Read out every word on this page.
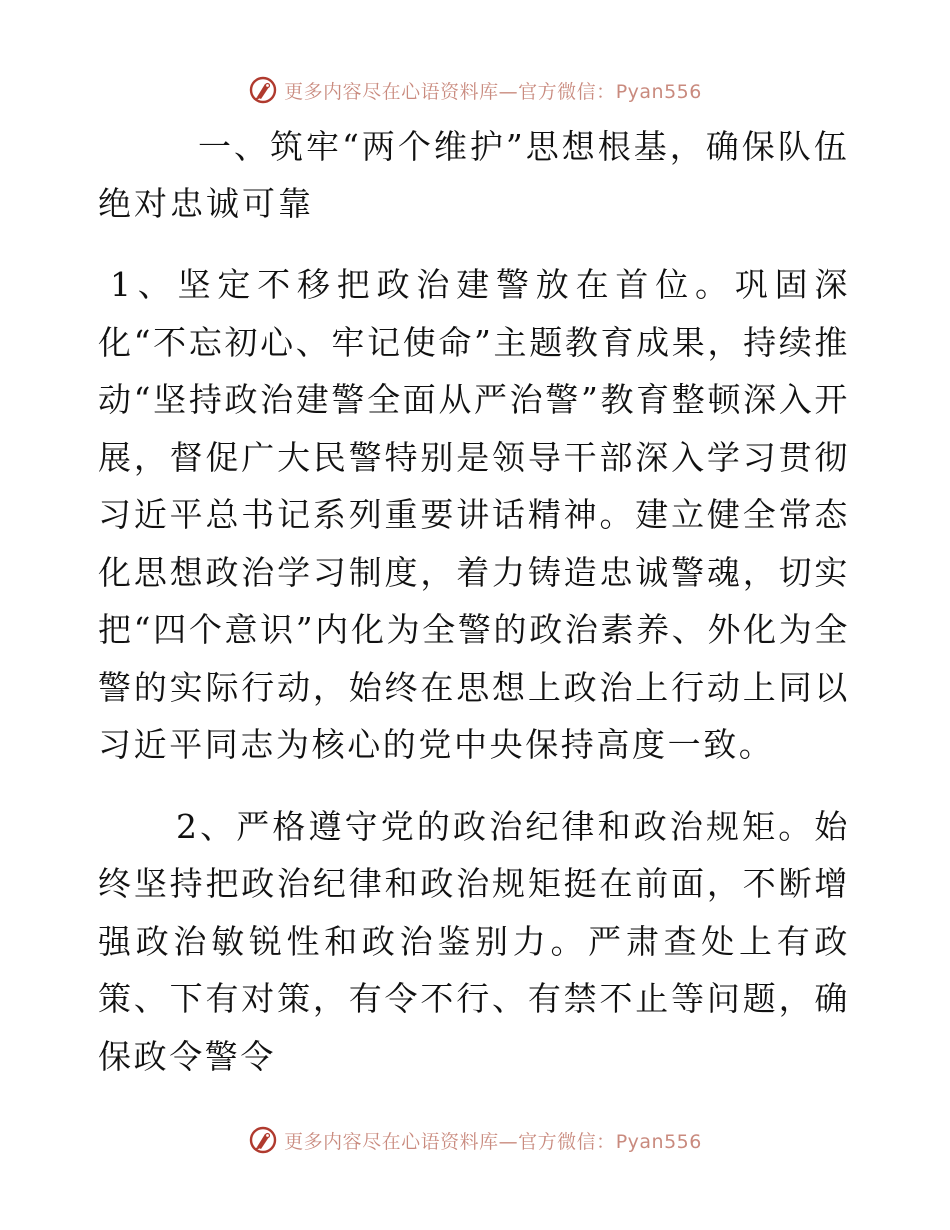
更多内容尽在心语资料库—官方微信：Pyan556
一、筑牢“两个维护”思想根基，确保队伍绝对忠诚可靠

1、坚定不移把政治建警放在首位。巩固深化“不忘初心、牢记使命”主题教育成果，持续推动“坚持政治建警全面从严治警”教育整顿深入开展，督促广大民警特别是领导干部深入学习贯彻习近平总书记系列重要讲话精神。建立健全常态化思想政治学习制度，着力铸造忠诚警魂，切实把“四个意识”内化为全警的政治素养、外化为全警的实际行动，始终在思想上政治上行动上同以习近平同志为核心的党中央保持高度一致。

2、严格遵守党的政治纪律和政治规矩。始终坚持把政治纪律和政治规矩挺在前面，不断增强政治敏锐性和政治鉴别力。严肃查处上有政策、下有对策，有令不行、有禁不止等问题，确保政令警令

更多内容尽在心语资料库—官方微信：Pyan556
